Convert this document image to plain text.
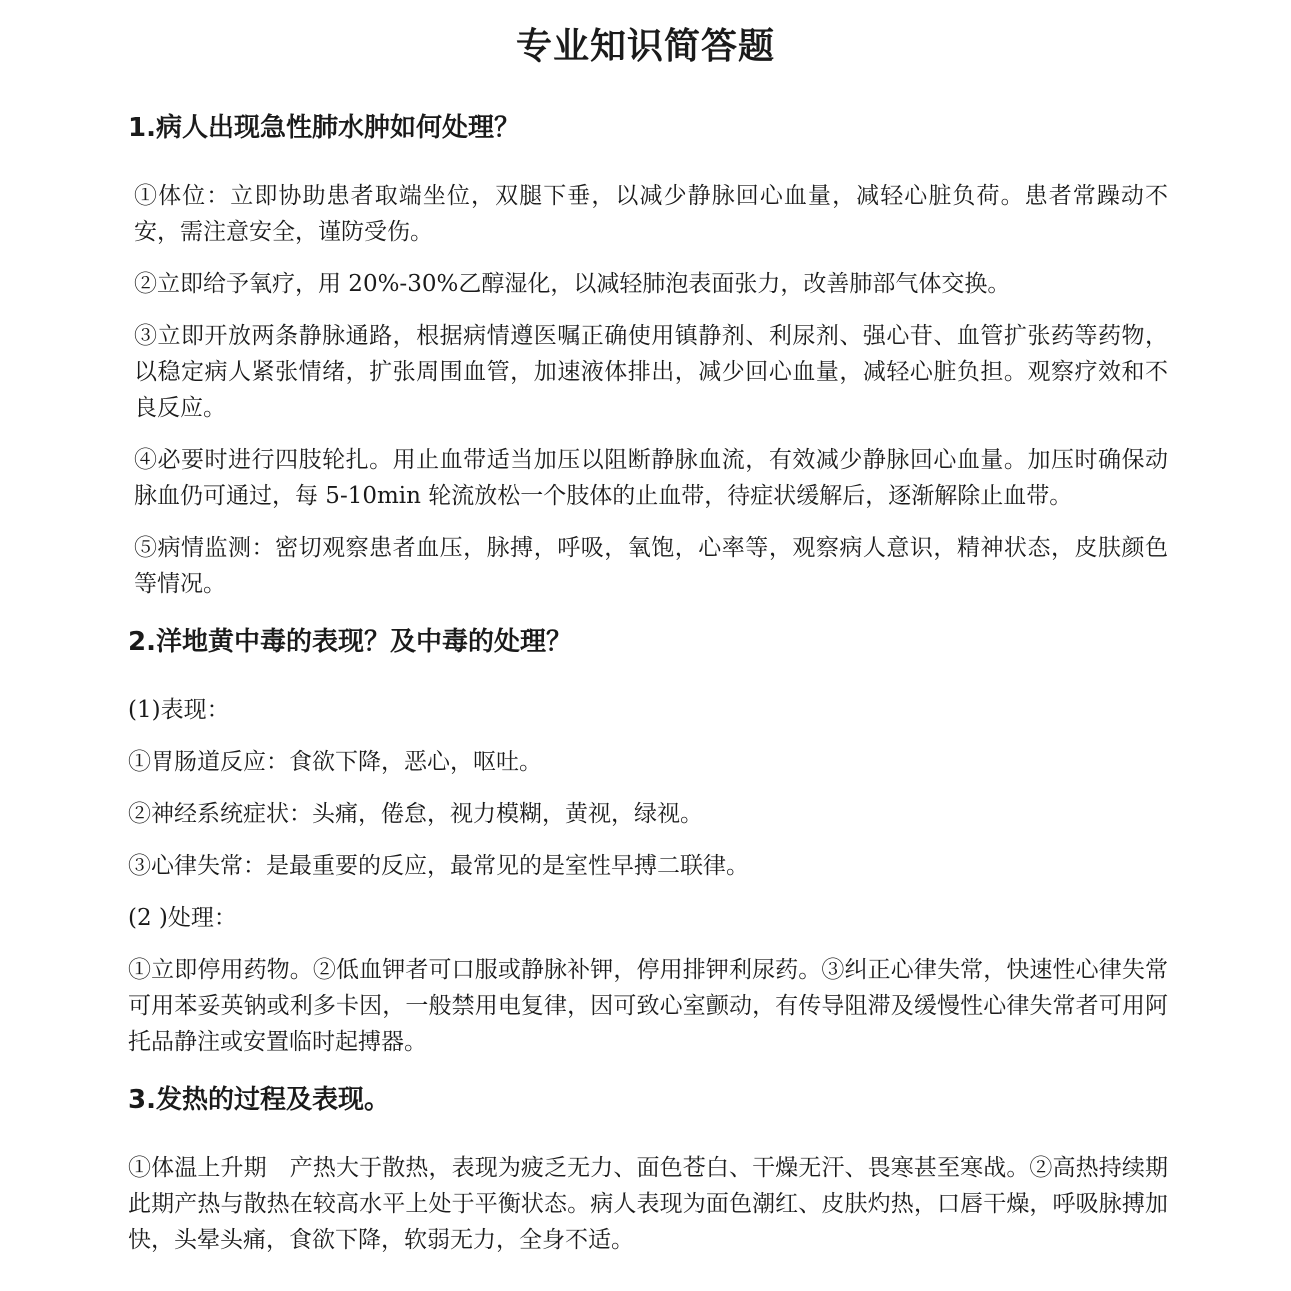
专业知识简答题
1.病人出现急性肺水肿如何处理？

①体位：立即协助患者取端坐位，双腿下垂，以减少静脉回心血量，减轻心脏负荷。患者常躁动不安，需注意安全，谨防受伤。

②立即给予氧疗，用 20%-30%乙醇湿化，以减轻肺泡表面张力，改善肺部气体交换。

③立即开放两条静脉通路，根据病情遵医嘱正确使用镇静剂、利尿剂、强心苷、血管扩张药等药物，以稳定病人紧张情绪，扩张周围血管，加速液体排出，减少回心血量，减轻心脏负担。观察疗效和不良反应。

④必要时进行四肢轮扎。用止血带适当加压以阻断静脉血流，有效减少静脉回心血量。加压时确保动脉血仍可通过，每 5-10min 轮流放松一个肢体的止血带，待症状缓解后，逐渐解除止血带。

⑤病情监测：密切观察患者血压，脉搏，呼吸，氧饱，心率等，观察病人意识，精神状态，皮肤颜色等情况。

2.洋地黄中毒的表现？及中毒的处理？

(1)表现：

①胃肠道反应：食欲下降，恶心，呕吐。

②神经系统症状：头痛，倦怠，视力模糊，黄视，绿视。

③心律失常：是最重要的反应，最常见的是室性早搏二联律。

(2 )处理：

①立即停用药物。②低血钾者可口服或静脉补钾，停用排钾利尿药。③纠正心律失常，快速性心律失常可用苯妥英钠或利多卡因，一般禁用电复律，因可致心室颤动，有传导阻滞及缓慢性心律失常者可用阿托品静注或安置临时起搏器。

3.发热的过程及表现。

①体温上升期　产热大于散热，表现为疲乏无力、面色苍白、干燥无汗、畏寒甚至寒战。②高热持续期　此期产热与散热在较高水平上处于平衡状态。病人表现为面色潮红、皮肤灼热，口唇干燥，呼吸脉搏加快，头晕头痛，食欲下降，软弱无力，全身不适。
